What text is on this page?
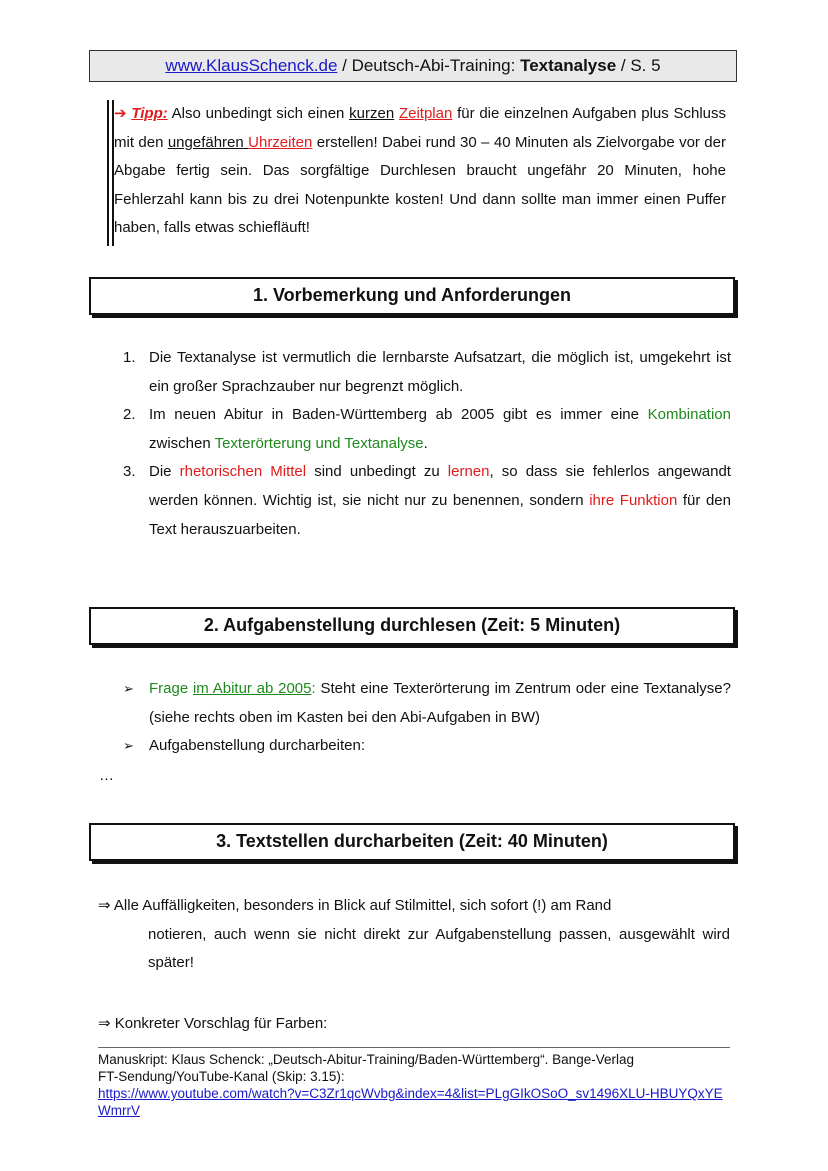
www.KlausSchenck.de / Deutsch-Abi-Training: Textanalyse / S. 5
➔ Tipp: Also unbedingt sich einen kurzen Zeitplan für die einzelnen Aufgaben plus Schluss mit den ungefähren Uhrzeiten erstellen! Dabei rund 30 – 40 Minuten als Zielvorgabe vor der Abgabe fertig sein. Das sorgfältige Durchlesen braucht ungefähr 20 Minuten, hohe Fehlerzahl kann bis zu drei Notenpunkte kosten! Und dann sollte man immer einen Puffer haben, falls etwas schiefläuft!
1. Vorbemerkung und Anforderungen
1. Die Textanalyse ist vermutlich die lernbarste Aufsatzart, die möglich ist, umgekehrt ist ein großer Sprachzauber nur begrenzt möglich.
2. Im neuen Abitur in Baden-Württemberg ab 2005 gibt es immer eine Kombination zwischen Texterörterung und Textanalyse.
3. Die rhetorischen Mittel sind unbedingt zu lernen, so dass sie fehlerlos angewandt werden können. Wichtig ist, sie nicht nur zu benennen, sondern ihre Funktion für den Text herauszuarbeiten.
2. Aufgabenstellung durchlesen (Zeit: 5 Minuten)
➢ Frage im Abitur ab 2005: Steht eine Texterörterung im Zentrum oder eine Textanalyse? (siehe rechts oben im Kasten bei den Abi-Aufgaben in BW)
➢ Aufgabenstellung durcharbeiten:
…
3. Textstellen durcharbeiten (Zeit: 40 Minuten)
⇒ Alle Auffälligkeiten, besonders in Blick auf Stilmittel, sich sofort (!) am Rand
notieren, auch wenn sie nicht direkt zur Aufgabenstellung passen, ausgewählt wird später!
⇒ Konkreter Vorschlag für Farben:
Manuskript: Klaus Schenck: „Deutsch-Abitur-Training/Baden-Württemberg“. Bange-Verlag
FT-Sendung/YouTube-Kanal (Skip: 3.15):
https://www.youtube.com/watch?v=C3Zr1qcWvbg&index=4&list=PLgGIkOSoO_sv1496XLU-HBUYQxYEWmrrV
